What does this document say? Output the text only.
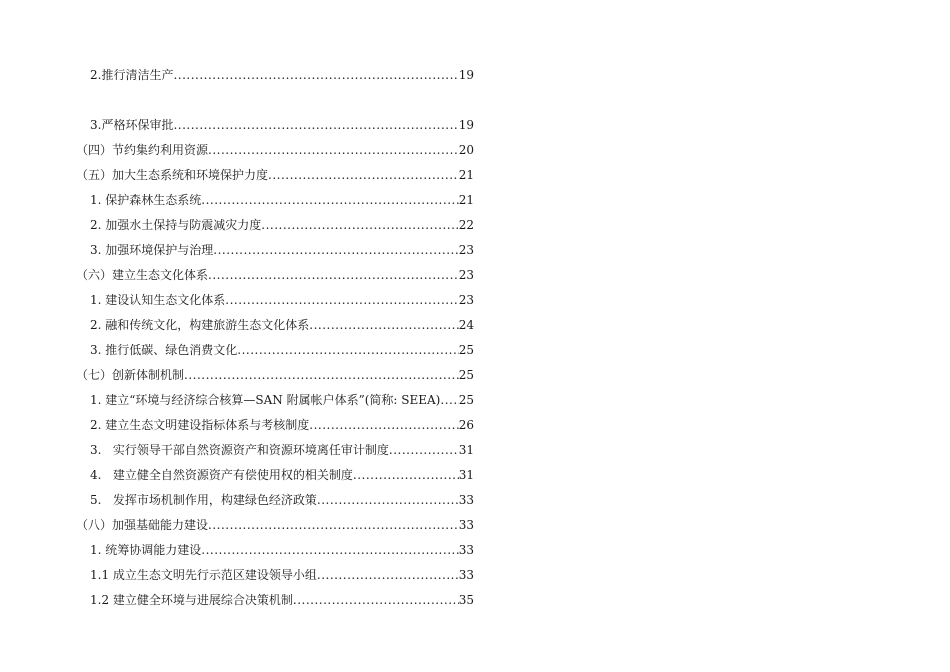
2.推行清洁生产 .....	19
3.严格环保审批 .....	19
（四）节约集约利用资源 .....	20
（五）加大生态系统和环境保护力度 .....	21
1. 保护森林生态系统 .....	21
2. 加强水土保持与防震减灾力度 .....	22
3. 加强环境保护与治理 .....	23
（六）建立生态文化体系 .....	23
1. 建设认知生态文化体系 .....	23
2. 融和传统文化，构建旅游生态文化体系 .....	24
3. 推行低碳、绿色消费文化 .....	25
（七）创新体制机制 .....	25
1. 建立“环境与经济综合核算—SAN 附属帐户体系”(简称: SEEA) ..... 25
2. 建立生态文明建设指标体系与考核制度 .....	26
3.   实行领导干部自然资源资产和资源环境离任审计制度 .....	31
4.   建立健全自然资源资产有偿使用权的相关制度 .....	31
5.   发挥市场机制作用，构建绿色经济政策 .....	33
（八）加强基础能力建设 .....	33
1. 统筹协调能力建设 .....	33
1.1 成立生态文明先行示范区建设领导小组 .....	33
1.2 建立健全环境与进展综合决策机制 .....	35
